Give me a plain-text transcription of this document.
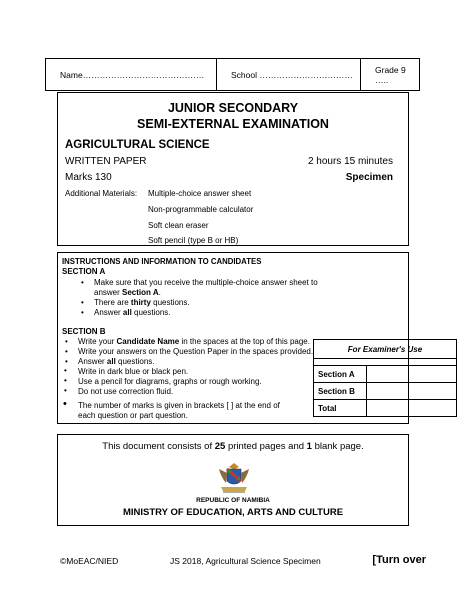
Name…………………………………….	School ……………………………	Grade 9 …..
JUNIOR SECONDARY
SEMI-EXTERNAL EXAMINATION
AGRICULTURAL SCIENCE
WRITTEN PAPER	2 hours 15 minutes
Marks 130	Specimen
Additional Materials: Multiple-choice answer sheet
Non-programmable calculator
Soft clean eraser
Soft pencil (type B or HB)
INSTRUCTIONS AND INFORMATION TO CANDIDATES
SECTION A
• Make sure that you receive the multiple-choice answer sheet to answer Section A.
• There are thirty questions.
• Answer all questions.
SECTION B
• Write your Candidate Name in the spaces at the top of this page.
• Write your answers on the Question Paper in the spaces provided.
• Answer all questions.
Write in dark blue or black pen.
Use a pencil for diagrams, graphs or rough working.
Do not use correction fluid.
The number of marks is given in brackets [ ] at the end of each question or part question.
•
•
•
•
For Examiner's Use	

Section A	
Section B	
Total	
This document consists of 25 printed pages and 1 blank page.
REPUBLIC OF NAMIBIA
MINISTRY OF EDUCATION, ARTS AND CULTURE
©MoEAC/NIED	JS 2018, Agricultural Science Specimen	[Turn over
